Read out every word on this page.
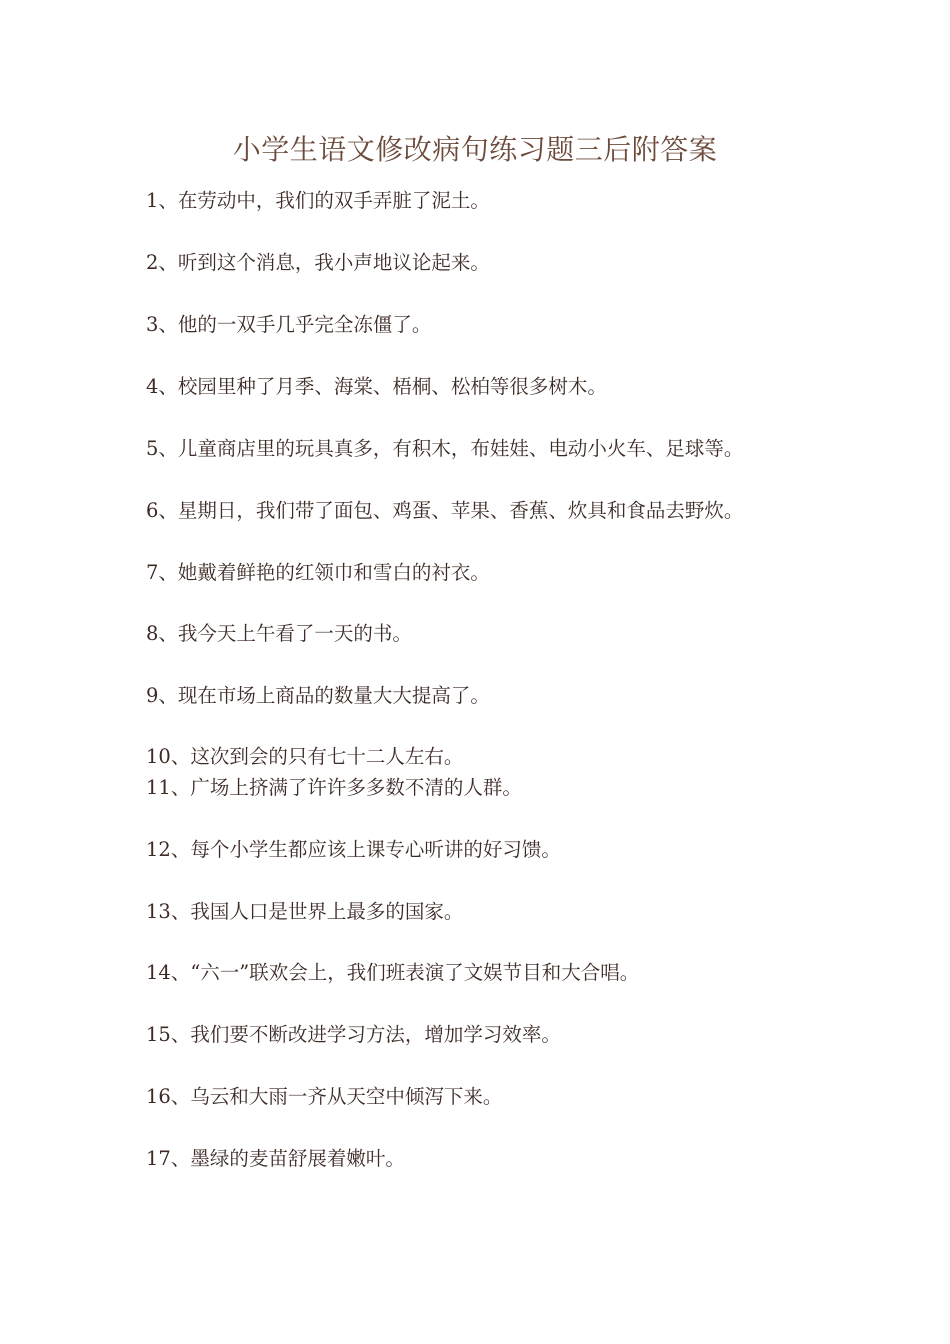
小学生语文修改病句练习题三后附答案
1、在劳动中，我们的双手弄脏了泥土。
2、听到这个消息，我小声地议论起来。
3、他的一双手几乎完全冻僵了。
4、校园里种了月季、海棠、梧桐、松柏等很多树木。
5、儿童商店里的玩具真多，有积木，布娃娃、电动小火车、足球等。
6、星期日，我们带了面包、鸡蛋、苹果、香蕉、炊具和食品去野炊。
7、她戴着鲜艳的红领巾和雪白的衬衣。
8、我今天上午看了一天的书。
9、现在市场上商品的数量大大提高了。
10、这次到会的只有七十二人左右。
11、广场上挤满了许许多多数不清的人群。
12、每个小学生都应该上课专心听讲的好习馈。
13、我国人口是世界上最多的国家。
14、“六一”联欢会上，我们班表演了文娱节目和大合唱。
15、我们要不断改进学习方法，增加学习效率。
16、乌云和大雨一齐从天空中倾泻下来。
17、墨绿的麦苗舒展着嫩叶。
